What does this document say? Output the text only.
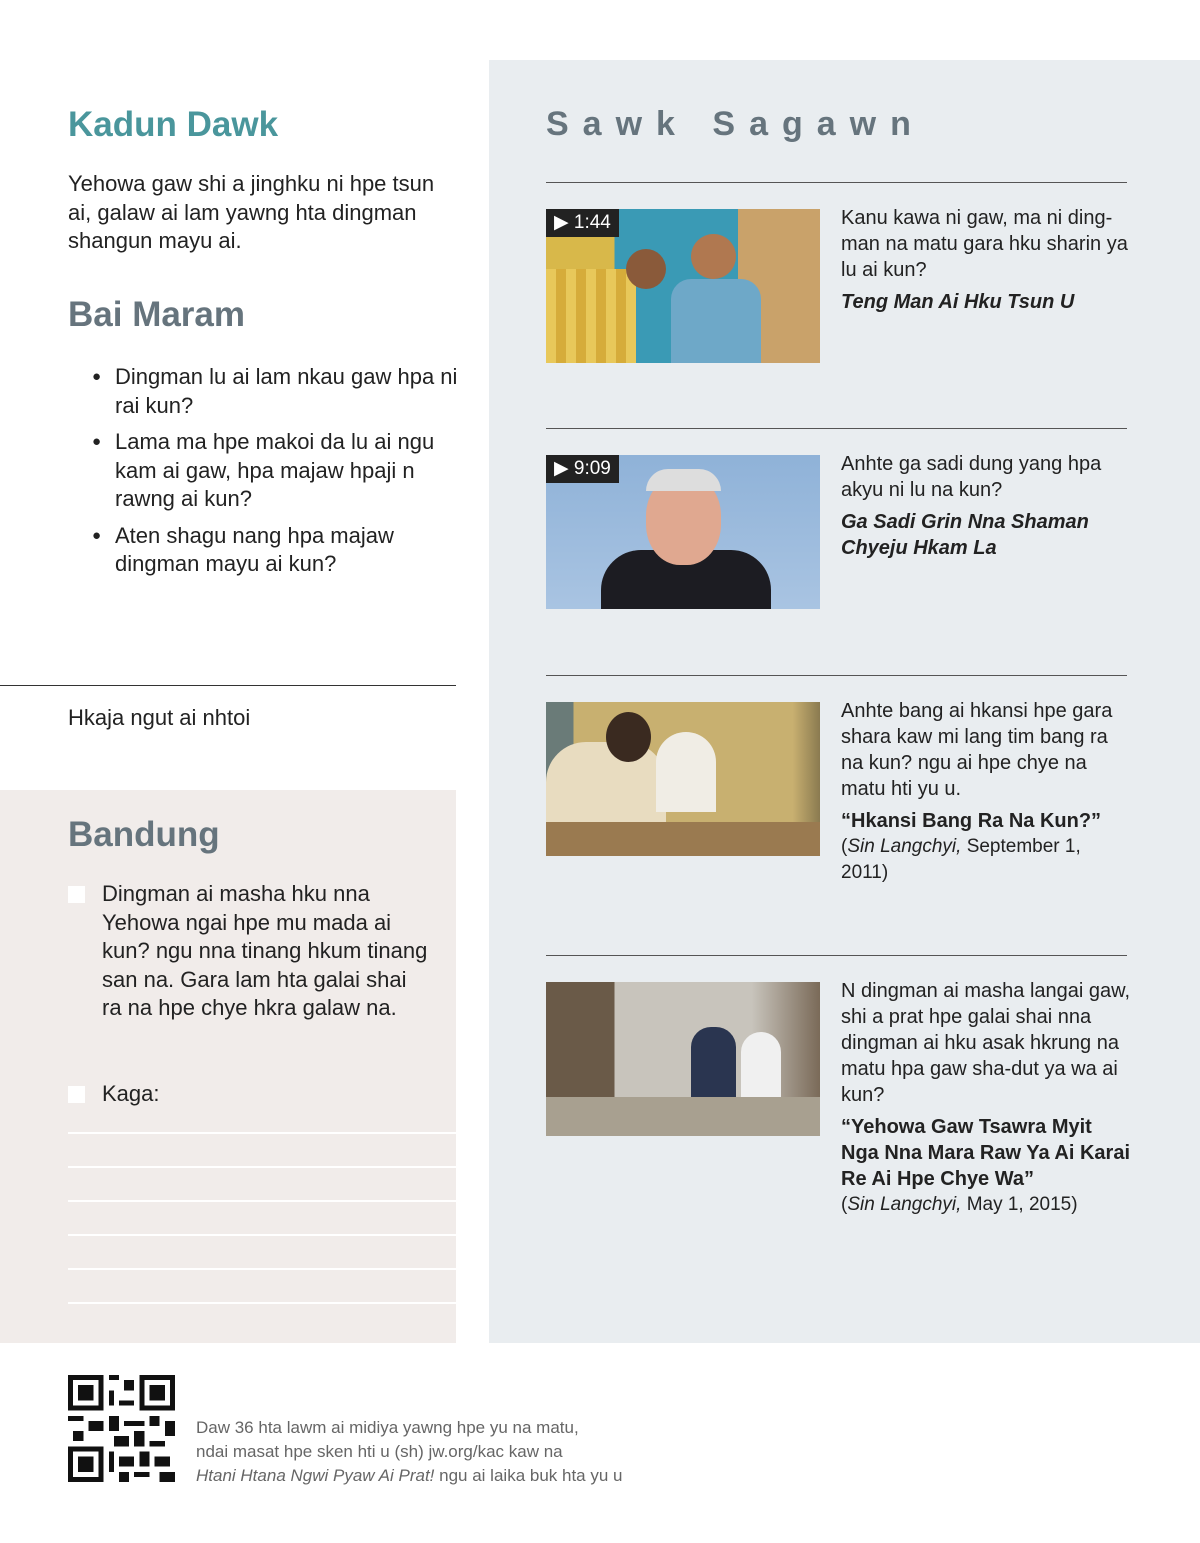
Kadun Dawk

Yehowa gaw shi a jinghku ni hpe tsun ai, galaw ai lam yawng hta dingman shangun mayu ai.

Bai Maram
● Dingman lu ai lam nkau gaw hpa ni rai kun?
● Lama ma hpe makoi da lu ai ngu kam ai gaw, hpa majaw hpaji n rawng ai kun?
● Aten shagu nang hpa majaw dingman mayu ai kun?
Hkaja ngut ai nhtoi
Dingman ai masha hku nna Yehowa ngai hpe mu mada ai kun? ngu nna tinang hkum tinang san na. Gara lam hta galai shai ra na hpe chye hkra galaw na.
Kaga:
Bandung
Sawk Sagawn
▶ 1:44	Kanu kawa ni gaw, ma ni ding-man na matu gara hku sharin ya lu ai kun?
Teng Man Ai Hku Tsun U
▶ 9:09	Anhte ga sadi dung yang hpa akyu ni lu na kun?
Ga Sadi Grin Nna Shaman Chyeju Hkam La
Anhte bang ai hkansi hpe gara shara kaw mi lang tim bang ra na kun? ngu ai hpe chye na matu hti yu u.
“Hkansi Bang Ra Na Kun?”
(Sin Langchyi, September 1, 2011)
N dingman ai masha langai gaw, shi a prat hpe galai shai nna dingman ai hku asak hkrung na matu hpa gaw sha-dut ya wa ai kun?
“Yehowa Gaw Tsawra Myit Nga Nna Mara Raw Ya Ai Karai Re Ai Hpe Chye Wa”
(Sin Langchyi, May 1, 2015)
Daw 36 hta lawm ai midiya yawng hpe yu na matu,
ndai masat hpe sken hti u (sh) jw.org/kac kaw na
Htani Htana Ngwi Pyaw Ai Prat! ngu ai laika buk hta yu u
